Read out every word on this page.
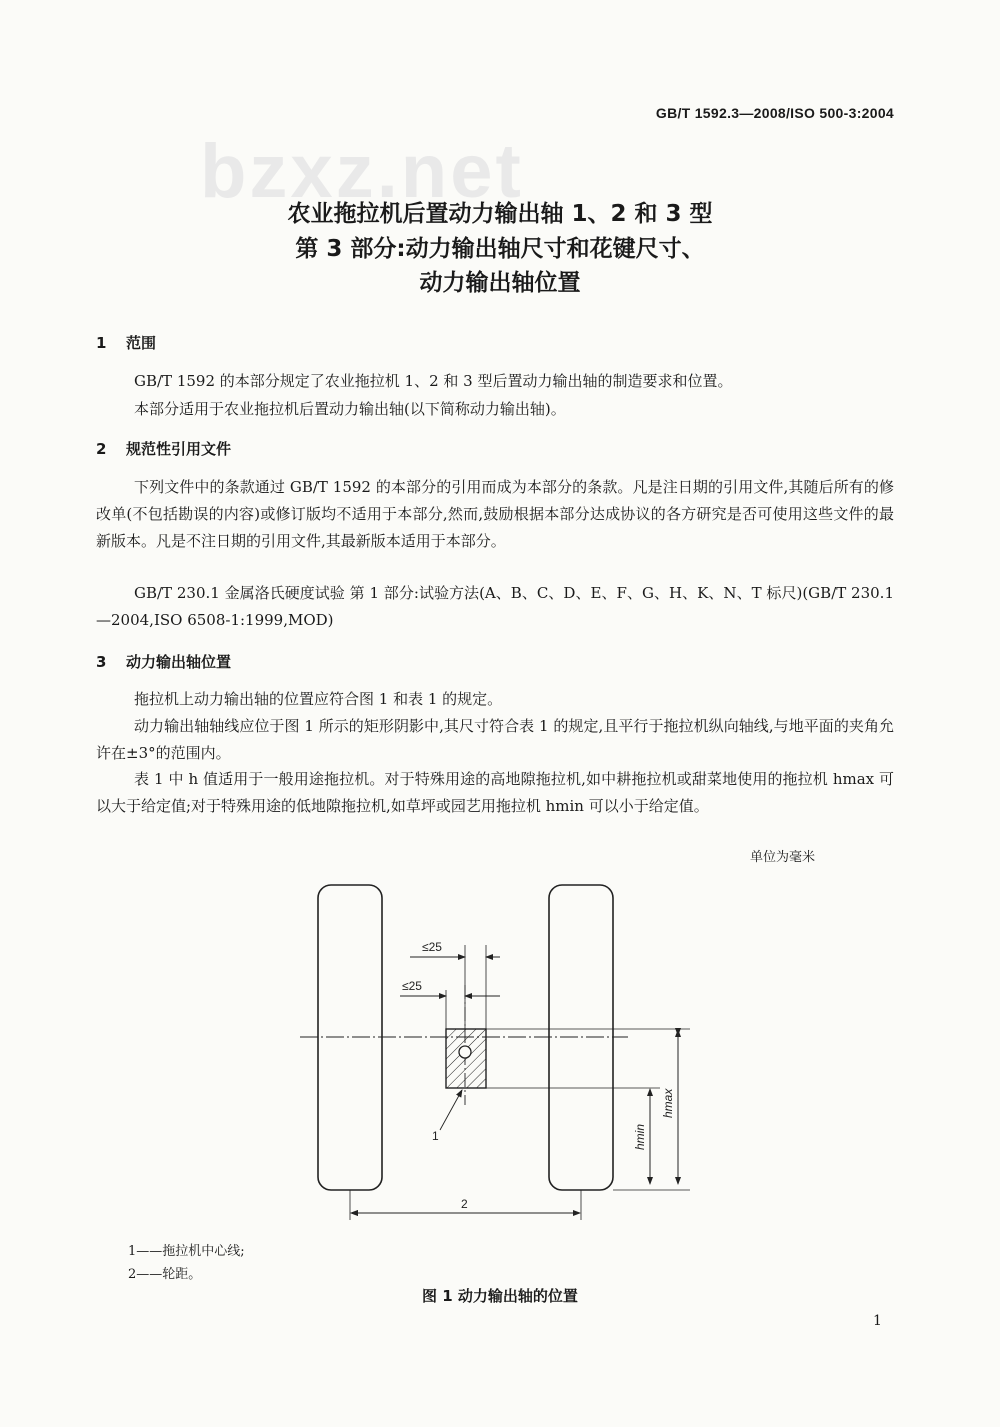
GB/T 1592.3—2008/ISO 500-3:2004
bzxz.net
农业拖拉机后置动力输出轴 1、2 和 3 型
第 3 部分:动力输出轴尺寸和花键尺寸、
动力输出轴位置
1 范围

GB/T 1592 的本部分规定了农业拖拉机 1、2 和 3 型后置动力输出轴的制造要求和位置。

本部分适用于农业拖拉机后置动力输出轴(以下简称动力输出轴)。

2 规范性引用文件

下列文件中的条款通过 GB/T 1592 的本部分的引用而成为本部分的条款。凡是注日期的引用文件,其随后所有的修改单(不包括勘误的内容)或修订版均不适用于本部分,然而,鼓励根据本部分达成协议的各方研究是否可使用这些文件的最新版本。凡是不注日期的引用文件,其最新版本适用于本部分。

GB/T 230.1 金属洛氏硬度试验 第 1 部分:试验方法(A、B、C、D、E、F、G、H、K、N、T 标尺)(GB/T 230.1—2004,ISO 6508-1:1999,MOD)

3 动力输出轴位置

拖拉机上动力输出轴的位置应符合图 1 和表 1 的规定。

动力输出轴轴线应位于图 1 所示的矩形阴影中,其尺寸符合表 1 的规定,且平行于拖拉机纵向轴线,与地平面的夹角允许在±3°的范围内。

表 1 中 h 值适用于一般用途拖拉机。对于特殊用途的高地隙拖拉机,如中耕拖拉机或甜菜地使用的拖拉机 hmax 可以大于给定值;对于特殊用途的低地隙拖拉机,如草坪或园艺用拖拉机 hmin 可以小于给定值。

单位为毫米
≤25
≤25
1
2
hmin
hmax
1——拖拉机中心线;
2——轮距。
图 1 动力输出轴的位置
1
